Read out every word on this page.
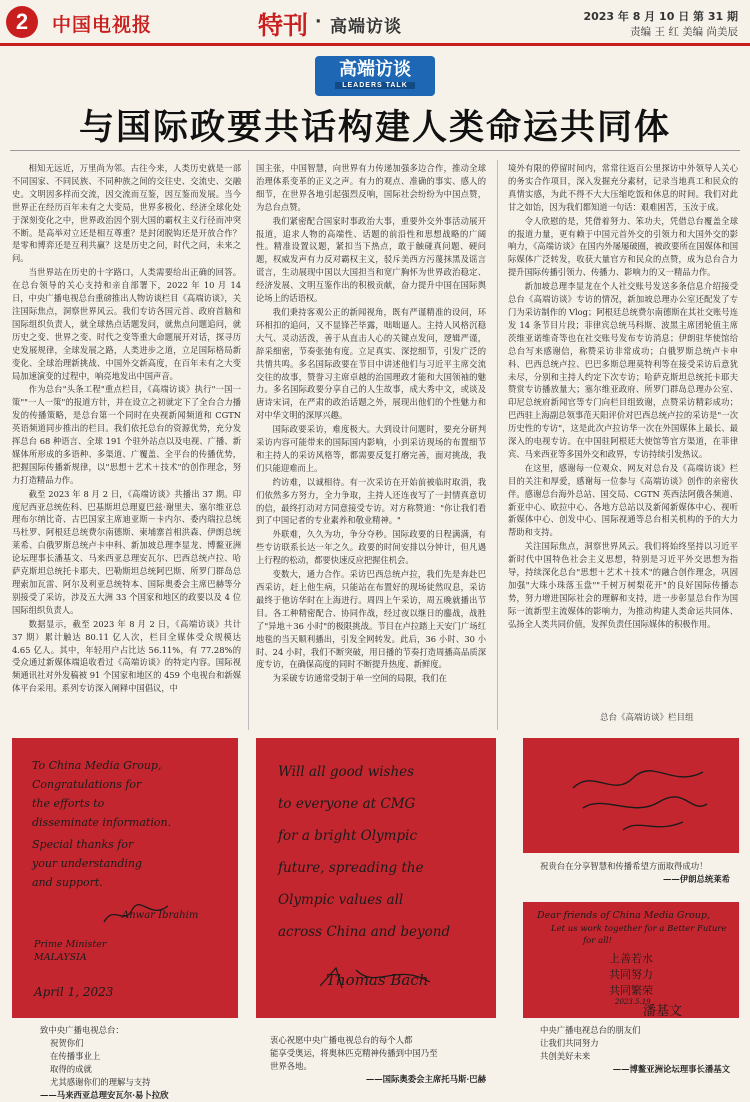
2	中国电视报	特刊 · 高端访谈
2023 年 8 月 10 日 第 31 期
责编 王 红 美编 尚美辰
高端访谈
LEADERS TALK
与国际政要共话构建人类命运共同体

相知无远近，万里尚为邻。古往今来，人类历史就是一部不同国家、不同民族、不同种族之间的交往史、交流史、交融史。文明因多样而交流，因交流而互鉴，因互鉴而发展。当今世界正在经历百年未有之大变局，世界多极化、经济全球化处于深刻变化之中，世界政治因个别大国的霸权主义行径而冲突不断。是高举对立还是相互尊重？是封闭脱钩还是开放合作？是零和博弈还是互利共赢？这是历史之问，时代之问，未来之问。

当世界站在历史的十字路口，人类需要给出正确的回答。在总台领导的关心支持和亲自部署下，2022 年 10 月 14 日，中央广播电视总台重磅推出人物访谈栏目《高端访谈》，关注国际焦点，洞察世界风云。我们专访各国元首、政府首脑和国际组织负责人，就全球热点话题发问，就焦点问题追问，就历史之变、世界之变、时代之变等重大命题展开对话，探寻历史发展规律，全球发展之路，人类进步之道，立足国际格局新变化、全球治理新挑战、中国外交新高度，在百年未有之大变局加速演变的过程中，响亮地发出中国声音。

作为总台"头条工程"重点栏目，《高端访谈》执行"一国一策""一人一策"的报道方针，并在设立之初就定下了全台合力播发的传播策略，是总台第一个同时在央视新闻频道和 CGTN 英语频道同步推出的栏目。我们依托总台的资源优势，充分发挥总台 68 种语言、全球 191 个驻外站点以及电视、广播、新媒体所形成的多语种、多渠道、广覆盖、全平台的传播优势，把握国际传播新规律，以"思想＋艺术＋技术"的创作理念，努力打造精品力作。

截至 2023 年 8 月 2 日，《高端访谈》共播出 37 期。印度尼西亚总统佐科、巴基斯坦总理夏巴兹·谢里夫、塞尔维亚总理布尔纳比奇、古巴国家主席迪亚斯－卡内尔、委内瑞拉总统马杜罗、阿根廷总统费尔南德斯、柬埔寨首相洪森、伊朗总统莱希、白俄罗斯总统卢卡申科、新加坡总理李显龙、博鳌亚洲论坛理事长潘基文、马来西亚总理安瓦尔、巴西总统卢拉、哈萨克斯坦总统托卡耶夫、巴勒斯坦总统阿巴斯、所罗门群岛总理索加瓦雷、阿尔及利亚总统特本、国际奥委会主席巴赫等分别接受了采访，涉及五大洲 33 个国家和地区的政要以及 4 位国际组织负责人。

数据显示，截至 2023 年 8 月 2 日，《高端访谈》共计 37 期）累计触达 80.11 亿人次，栏目全媒体受众规模达 4.65 亿人。其中，年轻用户占比达 56.11%，有 77.28%的受众通过新媒体端追收看过《高端访谈》的特定内容。国际视频通讯社对外发稿被 91 个国家和地区的 459 个电视台和新媒体平台采用。系列专访深入阐释中国倡议，中

国主张，中国智慧，向世界有力传递加强多边合作，推动全球治理体系变革的正义之声。有力的观点、准确的事实、感人的细节，在世界各地引起强烈反响，国际社会纷纷为中国点赞，为总台点赞。

我们紧密配合国家时事政治大事，重要外交外事活动展开报道，追求人物的高端性、话题的前沿性和思想战略的广阔性。精准设置议题，紧扣当下热点，敢于触碰真问题、硬问题，权威发声有力反对霸权主义，驳斥美西方污蔑抹黑及谣言谎言，生动展现中国以大国担当和宽广胸怀为世界政治稳定、经济发展、文明互鉴作出的积极贡献，奋力提升中国在国际舆论场上的话语权。

我们秉持客观公正的新闻视角，既有严谨精准的设问，环环相扣的追问，又不显锋芒毕露，咄咄逼人。主持人风格沉稳大气、灵动活泼，善于从直击人心的关键点发问，逻辑严谨，辞采细密，节奏张弛有度。立足真实、深挖细节，引发广泛的共情共鸣。多名国际政要在节目中讲述他们与习近平主席交流交往的故事，赞誉习主席卓越的治国理政才能和大国领袖的魅力。多名国际政要分享自己的人生故事，成大秀中文，或谈及唐诗宋词，在严肃的政治话题之外，展现出他们的个性魅力和对中华文明的深厚兴趣。

国际政要采访，难度极大。大到设计问题时，要充分研判采访内容可能带来的国际国内影响，小到采访现场的布置细节和主持人的采访风格等，都需要反复打磨完善，面对挑战，我们只能迎难而上。

约访难，以诚相待。有一次采访在开始前被临时取消，我们依然多方努力，全力争取，主持人还连夜写了一封情真意切的信，最终打动对方同意接受专访。对方称赞道："你让我们看到了中国记者的专业素养和敬业精神。"

外联难，久久为功，争分夺秒。国际政要的日程满满，有些专访联系长达一年之久。政要的时间安排以分钟计，但凡遇上行程的松动，都要快速反应把握住机会。

变数大，通力合作。采访巴西总统卢拉，我们先是奔赴巴西采访，赶上他生病，只能站在布置好的现场徒然叹息，采访最终于他访华时在上海进行。周四上午采访，周五晚就播出节目。各工种精密配合、协同作战，经过夜以继日的鏖战，战胜了"异地＋36 小时"的极限挑战。节目在卢拉踏上天安门广场红地毯的当天顺利播出，引发全网转发。此后，36 小时、30 小时、24 小时，我们不断突破，用日播的节奏打造周播高品质深度专访，在确保高度的同时不断提升热度、新鲜度。

为采破专访通常受制于单一空间的局限，我们在

境外有限的停留时间内，常常往返百公里探访中外领导人关心的务实合作项目，深入发掘充分素材，记录当地真工和民众的真情实感，为此不得不大大压缩吃饭和休息的时间。我们对此甘之如饴，因为我们都知道一句话：艰难困苦，玉汝于成。

令人欣慰的是，凭借着努力、笨功夫，凭借总台覆盖全球的报道力量，更有赖于中国元首外交的引领力和大国外交的影响力，《高端访谈》在国内外屡屡破圈，被政要所在国媒体和国际媒体广泛转发，收获大量官方和民众的点赞，成为总台合力提升国际传播引领力、传播力、影响力的又一精品力作。

新加坡总理李显龙在个人社交账号发送多条信息介绍接受总台《高端访谈》专访的情况，新加坡总理办公室还配发了专门为采访制作的 Vlog；阿根廷总统费尔南德斯在其社交账号连发 14 条节目片段；菲律宾总统马科斯、波黑主席团轮值主席茨维亚诺维奇等也在社交账号发布专访消息；伊朗驻华使馆给总台写来感谢信，称赞采访非常成功；白俄罗斯总统卢卡申科、巴西总统卢拉、巴巴多斯总理莫特利等在接受采访后意犹未尽，分别和主持人约定下次专访；哈萨克斯坦总统托卡耶夫赞赏专访播放量大；塞尔维亚政府、所罗门群岛总理办公室、印尼总统府新闻官等专门向栏目组致谢，点赞采访精彩成功；巴西驻上海副总领事范天阳评价对巴西总统卢拉的采访是"一次历史性的专访"，这是此次卢拉访华一次在外国媒体上最长、最深入的电视专访。在中国驻阿根廷大使馆等官方渠道，在菲律宾、马来西亚等多国外交和政界，专访持续引发热议。

在这里，感谢每一位观众、网友对总台及《高端访谈》栏目的关注和厚爱，感谢每一位参与《高端访谈》创作的亲密伙伴。感谢总台海外总站、国交局、CGTN 英西法阿俄各频道、新亚中心、欧拉中心、各地方总站以及新闻新媒体中心、视听新媒体中心、创发中心、国际视通等总台相关机构的予的大力帮助和支持。

关注国际焦点，洞察世界风云。我们将始终坚持以习近平新时代中国特色社会主义思想，特别是习近平外交思想为指导，持续深化总台"思想＋艺术＋技术"的融合创作理念，巩固加强"大珠小珠落玉盘""千树万树梨花开"的良好国际传播态势，努力增进国际社会的理解和支持，进一步彰显总台作为国际一流新型主流媒体的影响力，为推动构建人类命运共同体、弘扬全人类共同价值，发挥负责任国际媒体的积极作用。

总台《高端访谈》栏目组
To China Media Group,
Congratulations for
the efforts to
disseminate information.
Special thanks for
your understanding
and support.
Anwar Ibrahim
Prime Minister
MALAYSIA
April 1, 2023
Will all good wishes
to everyone at CMG
for a bright Olympic
future, spreading the
Olympic values all
across China and beyond
Thomas Bach
祝贵台在分享智慧和传播希望方面取得成功！
——伊朗总统莱希
Dear friends of China Media Group,
Let us work together for a Better Future
for all!
上善若水
共同努力
共同繁荣
2023.5.19
潘基文
致中央广播电视总台：
祝贺你们
在传播事业上
取得的成就
尤其感谢你们的理解与支持
——马来西亚总理安瓦尔·易卜拉欣
衷心祝愿中央广播电视总台的每个人都
能享受奥运，将奥林匹克精神传播到中国乃至
世界各地。
——国际奥委会主席托马斯·巴赫
中央广播电视总台的朋友们
让我们共同努力
共创美好未来
——博鳌亚洲论坛理事长潘基文
